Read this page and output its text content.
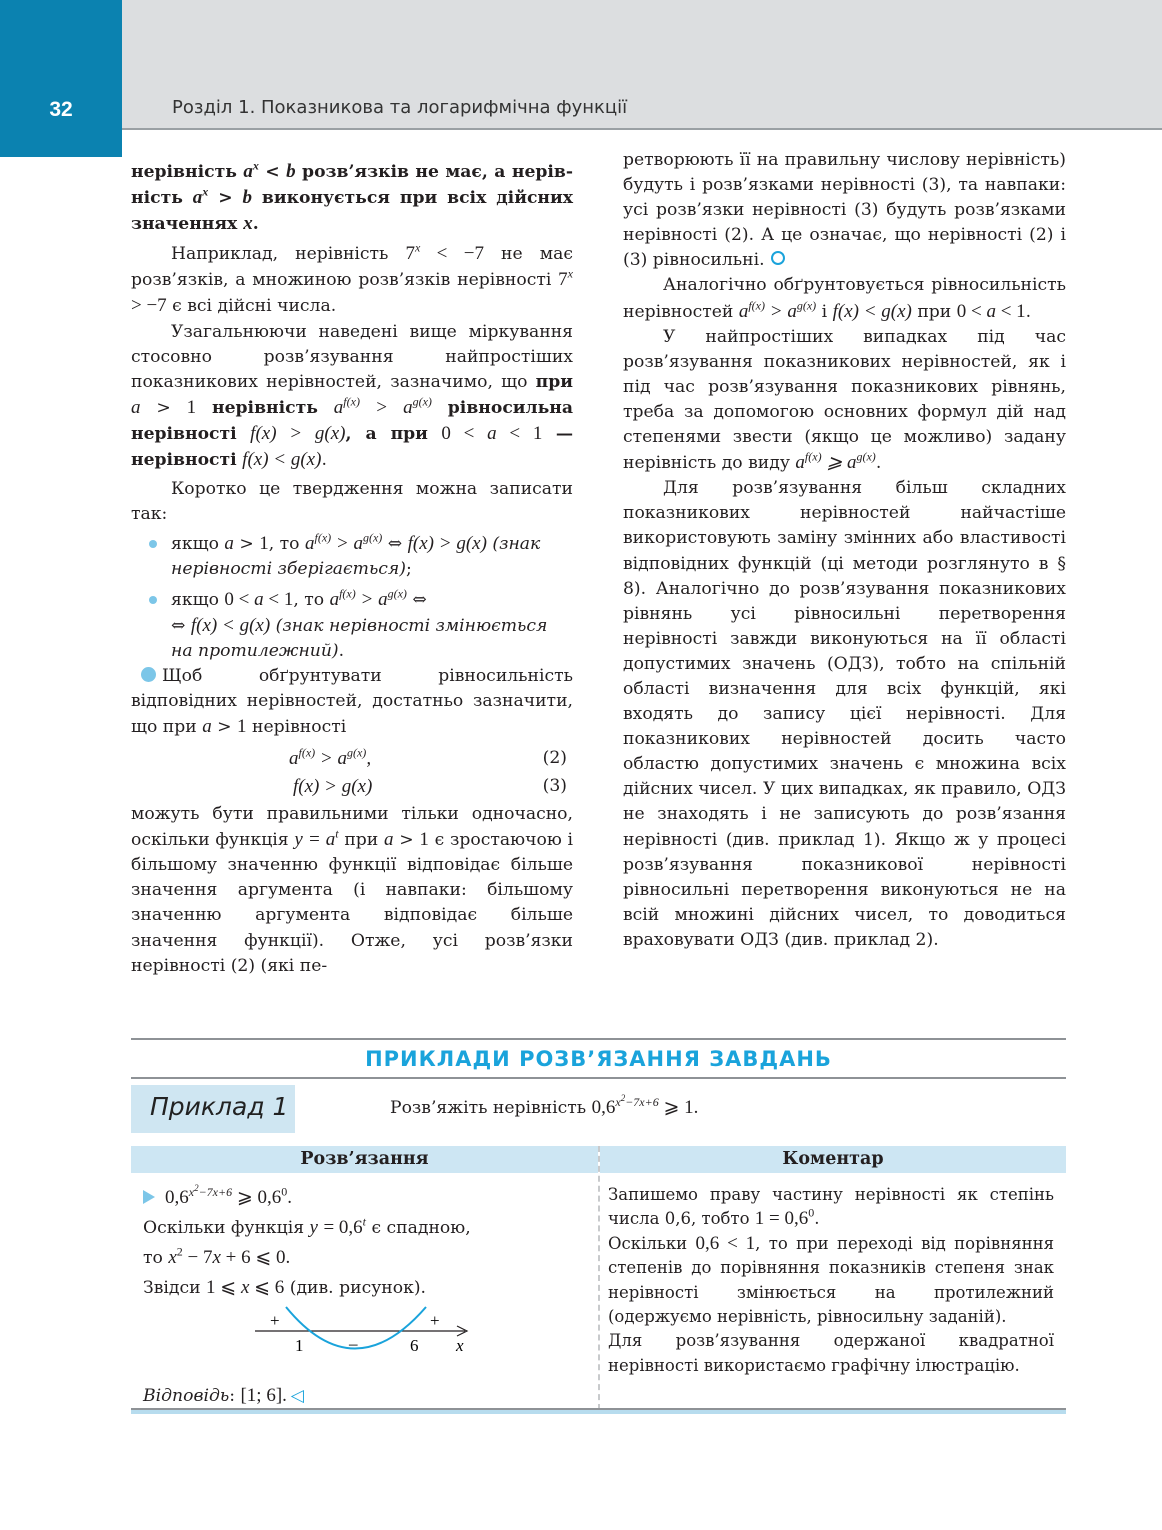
32	Розділ 1. Показникова та логарифмічна функції

нерівність $a^x < b$ розв’язків не має, а нерів- ність $a^x > b$ виконується при всіх дійсних значеннях x.

Наприклад, нерівність $7^x < -7$ не має розв’язків, а множиною розв’язків нерівності $7^x > -7$ є всі дійсні числа.

Узагальнюючи наведені вище міркування стосовно розв’язування найпростіших показникових нерівностей, зазначимо, що при a > 1 нерівність $a^{f(x)} > a^{g(x)}$ рівносильна нерівності f(x) > g(x), а при 0 < a < 1 — нерівності f(x) < g(x).

Коротко це твердження можна записати так:

якщо a > 1, то $a^{f(x)} > a^{g(x)}$ ⇔ f(x) > g(x) (знак нерівності зберігається);

якщо 0 < a < 1, то $a^{f(x)} > a^{g(x)}$ ⇔
⇔ f(x) < g(x) (знак нерівності змінюється на протилежний).

Щоб обґрунтувати рівносильність відповідних нерівностей, достатньо зазначити, що при a > 1 нерівності

$a^{f(x)} > a^{g(x)}$,	(2)
f(x) > g(x)	(3)

можуть бути правильними тільки одночасно, оскільки функція $y = a^t$ при a > 1 є зростаючою і більшому значенню функції відповідає більше значення аргумента (і навпаки: більшому значенню аргумента відповідає більше значення функції). Отже, усі розв’язки нерівності (2) (які пе-

ретворюють її на правильну числову нерівність) будуть і розв’язками нерівності (3), та навпаки: усі розв’язки нерівності (3) будуть розв’язками нерівності (2). А це означає, що нерівності (2) і (3) рівносильні.

Аналогічно обґрунтовується рівносильність нерівностей $a^{f(x)} > a^{g(x)}$ і f(x) < g(x) при 0 < a < 1.

У найпростіших випадках під час розв’язування показникових нерівностей, як і під час розв’язування показникових рівнянь, треба за допомогою основних формул дій над степенями звести (якщо це можливо) задану нерівність до виду $a^{f(x)}$ ⩾ $a^{g(x)}$.

Для розв’язування більш складних показникових нерівностей найчастіше використовують заміну змінних або властивості відповідних функцій (ці методи розглянуто в § 8). Аналогічно до розв’язування показникових рівнянь усі рівносильні перетворення нерівності завжди виконуються на її області допустимих значень (ОДЗ), тобто на спільній області визначення для всіх функцій, які входять до запису цієї нерівності. Для показникових нерівностей досить часто областю допустимих значень є множина всіх дійсних чисел. У цих випадках, як правило, ОДЗ не знаходять і не записують до розв’язання нерівності (див. приклад 1). Якщо ж у процесі розв’язування показникової нерівності рівносильні перетворення виконуються не на всій множині дійсних чисел, то доводиться враховувати ОДЗ (див. приклад 2).

ПРИКЛАДИ РОЗВ’ЯЗАННЯ ЗАВДАНЬ
Приклад 1	Розв’яжіть нерівність $0,6^{x^2-7x+6}$ ⩾ 1.
Розв’язання	Коментар

$0,6^{x^2-7x+6}$ ⩾ $0,6^0$.

Оскільки функція $y = 0,6^t$ є спадною,

то $x^2 - 7x + 6$ ⩽ 0.

Звідси 1 ⩽ x ⩽ 6 (див. рисунок).

Відповідь: [1; 6]. ◁

+
–
+
1	6 x

Запишемо праву частину нерівності як степінь числа 0,6, тобто $1 = 0,6^0$.

Оскільки 0,6 < 1, то при переході від порівняння степенів до порівняння показників степеня знак нерівності змінюється на протилежний (одержуємо нерівність, рівносильну заданій).

Для розв’язування одержаної квадратної нерівності використаємо графічну ілюстрацію.
